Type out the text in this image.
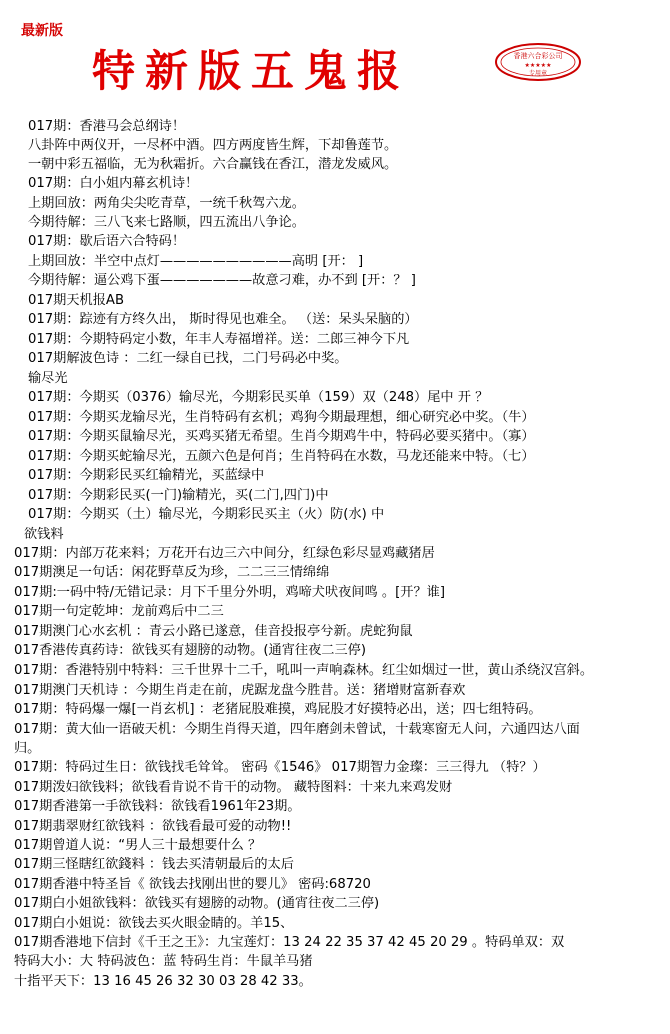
最新版
特新版五鬼报	香港六合彩公司
★★★★★
专用章
017期：香港马会总纲诗！
八卦阵中两仪开，一尽杯中酒。四方两度皆生辉，下却鲁莲节。
一朝中彩五福临，无为秋霜折。六合赢钱在香江，潜龙发威风。
017期：白小姐内幕玄机诗！
上期回放：两角尖尖吃青草，一统千秋驾六龙。
今期待解：三八飞来七路顺，四五流出八争论。
017期：歇后语六合特码！
上期回放：半空中点灯——————————高明 [开： ]
今期待解：逼公鸡下蛋———————故意刁难，办不到 [开：？ ]
017期天机报AB
017期：踪迹有方终久出， 斯时得见也难全。 （送：呆头呆脑的）
017期：今期特码定小数，年丰人寿福增祥。送：二郎三神今下凡
017期解波色诗 ：二红一绿自已找，二门号码必中奖。
输尽光
017期：今期买（0376）输尽光，今期彩民买单（159）双（248）尾中 开 ？
017期：今期买龙输尽光，生肖特码有玄机；鸡狗今期最理想，细心研究必中奖。（牛）
017期：今期买鼠输尽光，买鸡买猪无希望。生肖今期鸡牛中，特码必要买猪中。（寡）
017期：今期买蛇输尽光，五颜六色是何肖；生肖特码在水数，马龙还能来中特。（七）
017期：今期彩民买红输精光，买蓝绿中
017期：今期彩民买(一门)输精光，买(二门,四门)中
017期：今期买（土）输尽光，今期彩民买主（火）防(水) 中
欲钱料
017期：内部万花来料；万花开右边三六中间分，红绿色彩尽显鸡藏猪居
017期澳足一句话：闲花野草反为珍，二二三三情绵绵
017期:一码中特/无错记录：月下千里分外明，鸡啼犬吠夜间鸣 。[开？谁]
017期一句定乾坤：龙前鸡后中二三
017期澳门心水玄机 ：青云小路已遂意，佳音投报亭兮新。虎蛇狗鼠
017香港传真药诗：欲钱买有翅膀的动物。(通宵往夜二三停)
017期：香港特别中特料：三千世界十二千，吼叫一声响森林。红尘如烟过一世，黄山杀绕汉宫斜。
017期澳门天机诗 ：今期生肖走在前，虎踞龙盘今胜昔。送：猪增财富新春欢
017期：特码爆一爆[一肖玄机] ：老猪屁股难摸，鸡屁股才好摸特必出，送；四七组特码。
017期：黄大仙一语破天机：今期生肖得天道，四年磨剑未曾试，十载寒窗无人问，六通四达八面
归。
017期：特码过生日：欲钱找毛耸耸。 密码《1546》 017期智力金璨：三三得九 （特？）
017期泼妇欲钱料；欲钱看肯说不肯干的动物。 藏特图料：十来九来鸡发财
017期香港第一手欲钱料：欲钱看1961年23期。
017期翡翠财红欲钱料 ：欲钱看最可爱的动物!!
017期曾道人说：“男人三十最想要什么 ？
017期三怪瞎红欲錢料 ：钱去买清朝最后的太后
017期香港中特圣旨《 欲钱去找刚出世的婴儿》 密码:68720
017期白小姐欲钱料：欲钱买有翅膀的动物。(通宵往夜二三停)
017期白小姐说：欲钱去买火眼金睛的。羊15、
017期香港地下信封《千王之王》：九宝莲灯：13 24 22 35 37 42 45 20 29 。特码单双：双
特码大小：大 特码波色：蓝 特码生肖：牛鼠羊马猪
十指平天下：13 16 45 26 32 30 03 28 42 33。
